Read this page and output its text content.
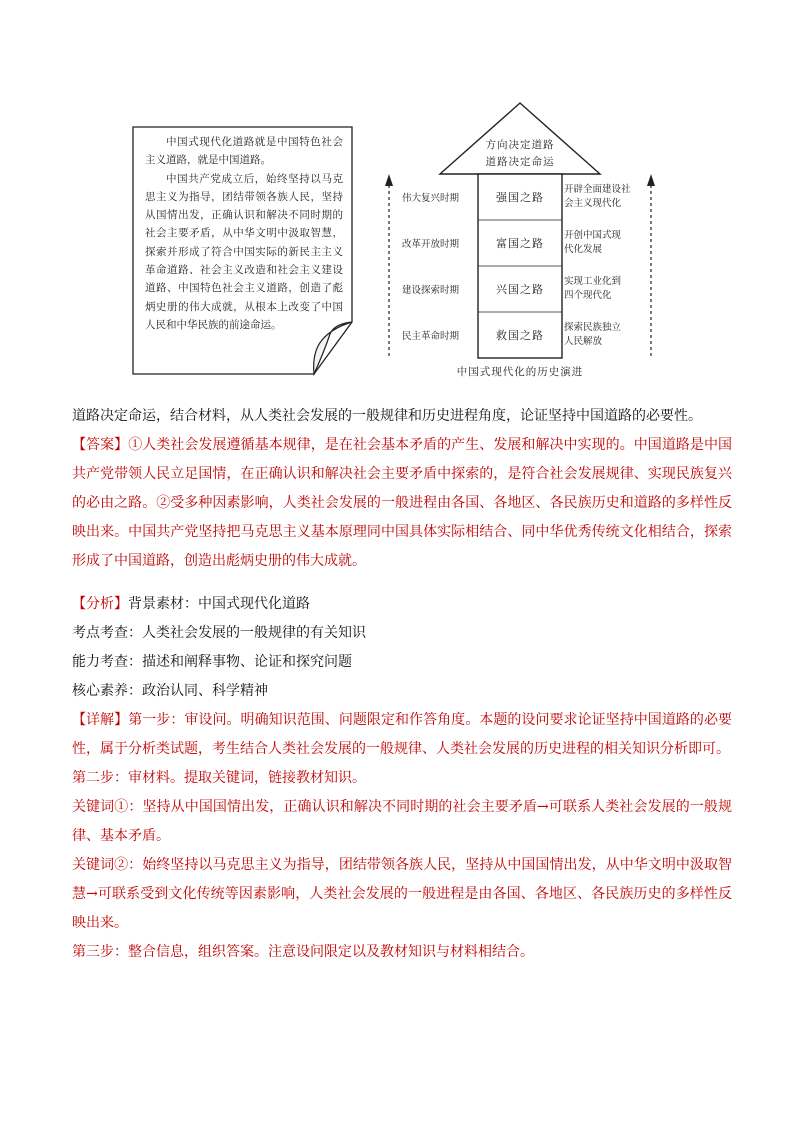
中国式现代化道路就是中国特色社会主义道路，就是中国道路。

中国共产党成立后，始终坚持以马克思主义为指导，团结带领各族人民，坚持从国情出发，正确认识和解决不同时期的社会主要矛盾，从中华文明中汲取智慧，探索并形成了符合中国实际的新民主主义革命道路、社会主义改造和社会主义建设道路、中国特色社会主义道路，创造了彪炳史册的伟大成就，从根本上改变了中国人民和中华民族的前途命运。

方向决定道路
道路决定命运
伟大复兴时期
改革开放时期
建设探索时期
民主革命时期
强国之路
富国之路
兴国之路
救国之路
开辟全面建设社
会主义现代化
开创中国式现
代化发展
实现工业化到
四个现代化
探索民族独立
人民解放
中国式现代化的历史演进
道路决定命运，结合材料，从人类社会发展的一般规律和历史进程角度，论证坚持中国道路的必要性。
【答案】①人类社会发展遵循基本规律，是在社会基本矛盾的产生、发展和解决中实现的。中国道路是中国共产党带领人民立足国情，在正确认识和解决社会主要矛盾中探索的，是符合社会发展规律、实现民族复兴的必由之路。②受多种因素影响，人类社会发展的一般进程由各国、各地区、各民族历史和道路的多样性反映出来。中国共产党坚持把马克思主义基本原理同中国具体实际相结合、同中华优秀传统文化相结合，探索形成了中国道路，创造出彪炳史册的伟大成就。
【分析】背景素材：中国式现代化道路
考点考查：人类社会发展的一般规律的有关知识
能力考查：描述和阐释事物、论证和探究问题
核心素养：政治认同、科学精神
【详解】第一步：审设问。明确知识范围、问题限定和作答角度。本题的设问要求论证坚持中国道路的必要性，属于分析类试题，考生结合人类社会发展的一般规律、人类社会发展的历史进程的相关知识分析即可。
第二步：审材料。提取关键词，链接教材知识。
关键词①：坚持从中国国情出发，正确认识和解决不同时期的社会主要矛盾→可联系人类社会发展的一般规律、基本矛盾。
关键词②：始终坚持以马克思主义为指导，团结带领各族人民，坚持从中国国情出发，从中华文明中汲取智慧→可联系受到文化传统等因素影响，人类社会发展的一般进程是由各国、各地区、各民族历史的多样性反映出来。
第三步：整合信息，组织答案。注意设问限定以及教材知识与材料相结合。
